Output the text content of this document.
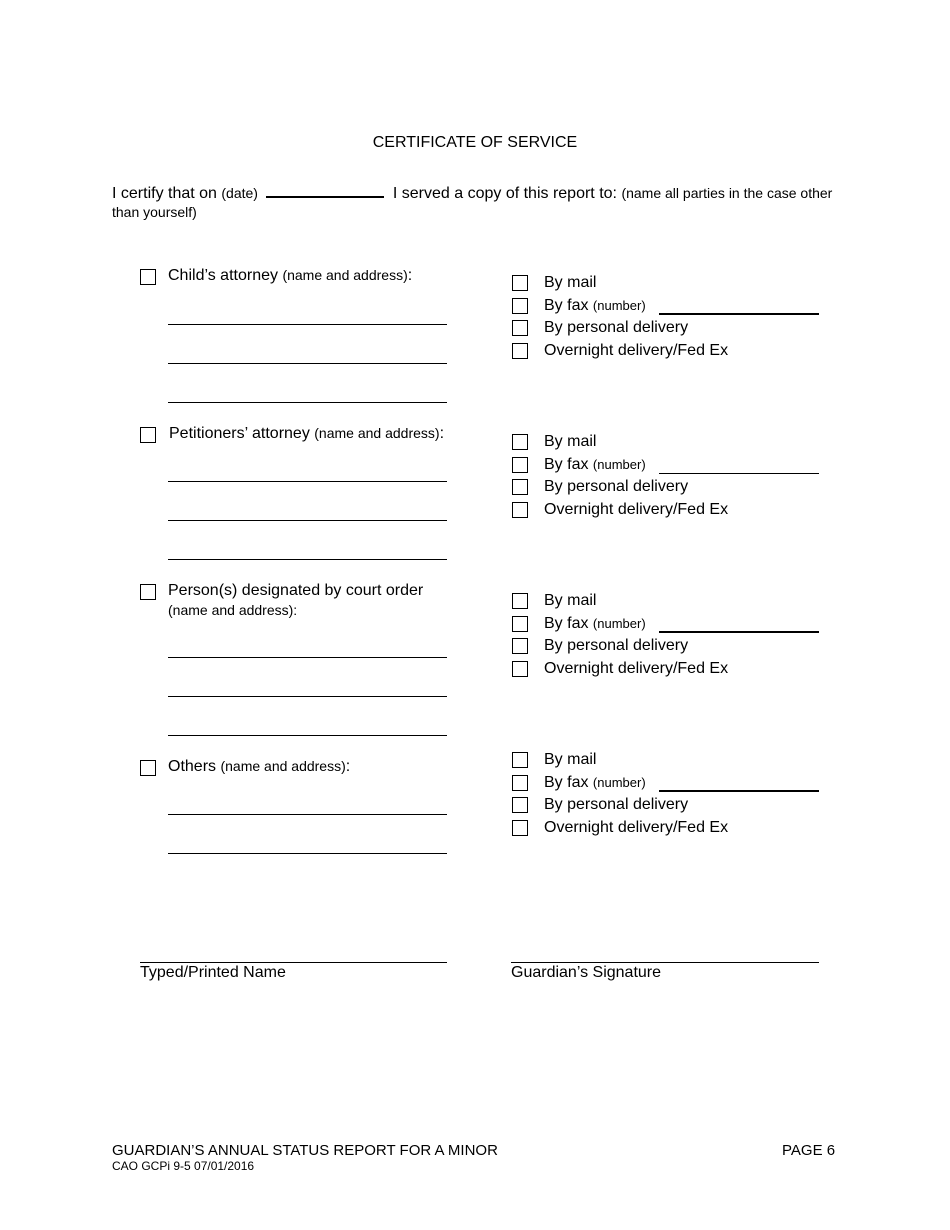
CERTIFICATE OF SERVICE
I certify that on (date)	I served a copy of this report to: (name all parties in the case other
than yourself)
Child’s attorney (name and address):	By mail
By fax (number)
By personal delivery
Overnight delivery/Fed Ex
Petitioners’ attorney (name and address):	By mail
By fax (number)
By personal delivery
Overnight delivery/Fed Ex
Person(s) designated by court order
(name and address):
By mail
By fax (number)
By personal delivery
Overnight delivery/Fed Ex
Others (name and address):	By mail
By fax (number)
By personal delivery
Overnight delivery/Fed Ex
Typed/Printed Name	Guardian’s Signature
GUARDIAN’S ANNUAL STATUS REPORT FOR A MINOR
CAO GCPi 9-5 07/01/2016
PAGE 6
